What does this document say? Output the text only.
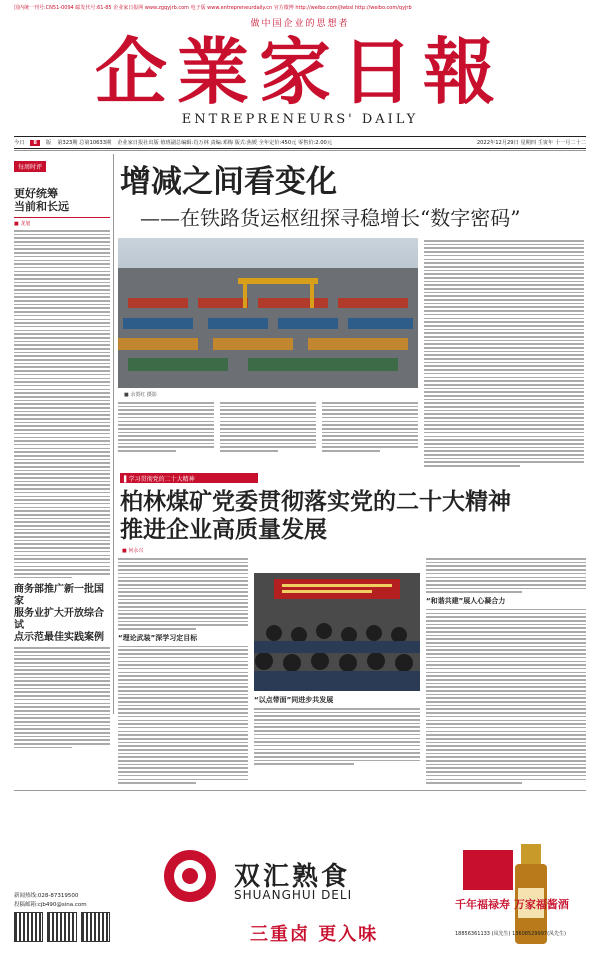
国内统一刊号:CN51-0094 邮发代号:61-85 企业家日报网 www.zgqyjrb.com 电子版 www.entrepreneurdaily.cn 官方微博 http://weibo.com/jlwbsl http://weibo.com/qyjrb
做中国企业的思想者
企業家日報
ENTREPRENEURS' DAILY
今日	8	版 第323期 总第10633期 企业家日报社出版 值班副总编辑:肖万林 责编:邓梅 版式:焦媛 全年定价:450元 零售价:2.00元	2022年12月29日 星期四 壬寅年 十一月二十二
每周时评
更好统筹
当前和长远
■ 龙旭
商务部推广新一批国家
服务业扩大开放综合试
点示范最佳实践案例
新闻热线:028-87319500
投稿邮箱:cjb490@sina.com
增减之间看变化
——在铁路货运枢纽探寻稳增长“数字密码”
■ 余贺红 摄影
▌学习贯彻党的二十大精神
柏林煤矿党委贯彻落实党的二十大精神
推进企业高质量发展
■ 何永兴
“理论武装”深学习定目标
“以点带面”同进步共发展
“和谐共建”展人心凝合力
双汇熟食
SHUANGHUI DELI
三重卤 更入味
千年福禄寿 万家福酱酒
18856361133 (凤先生) 13608529997(凤先生)
